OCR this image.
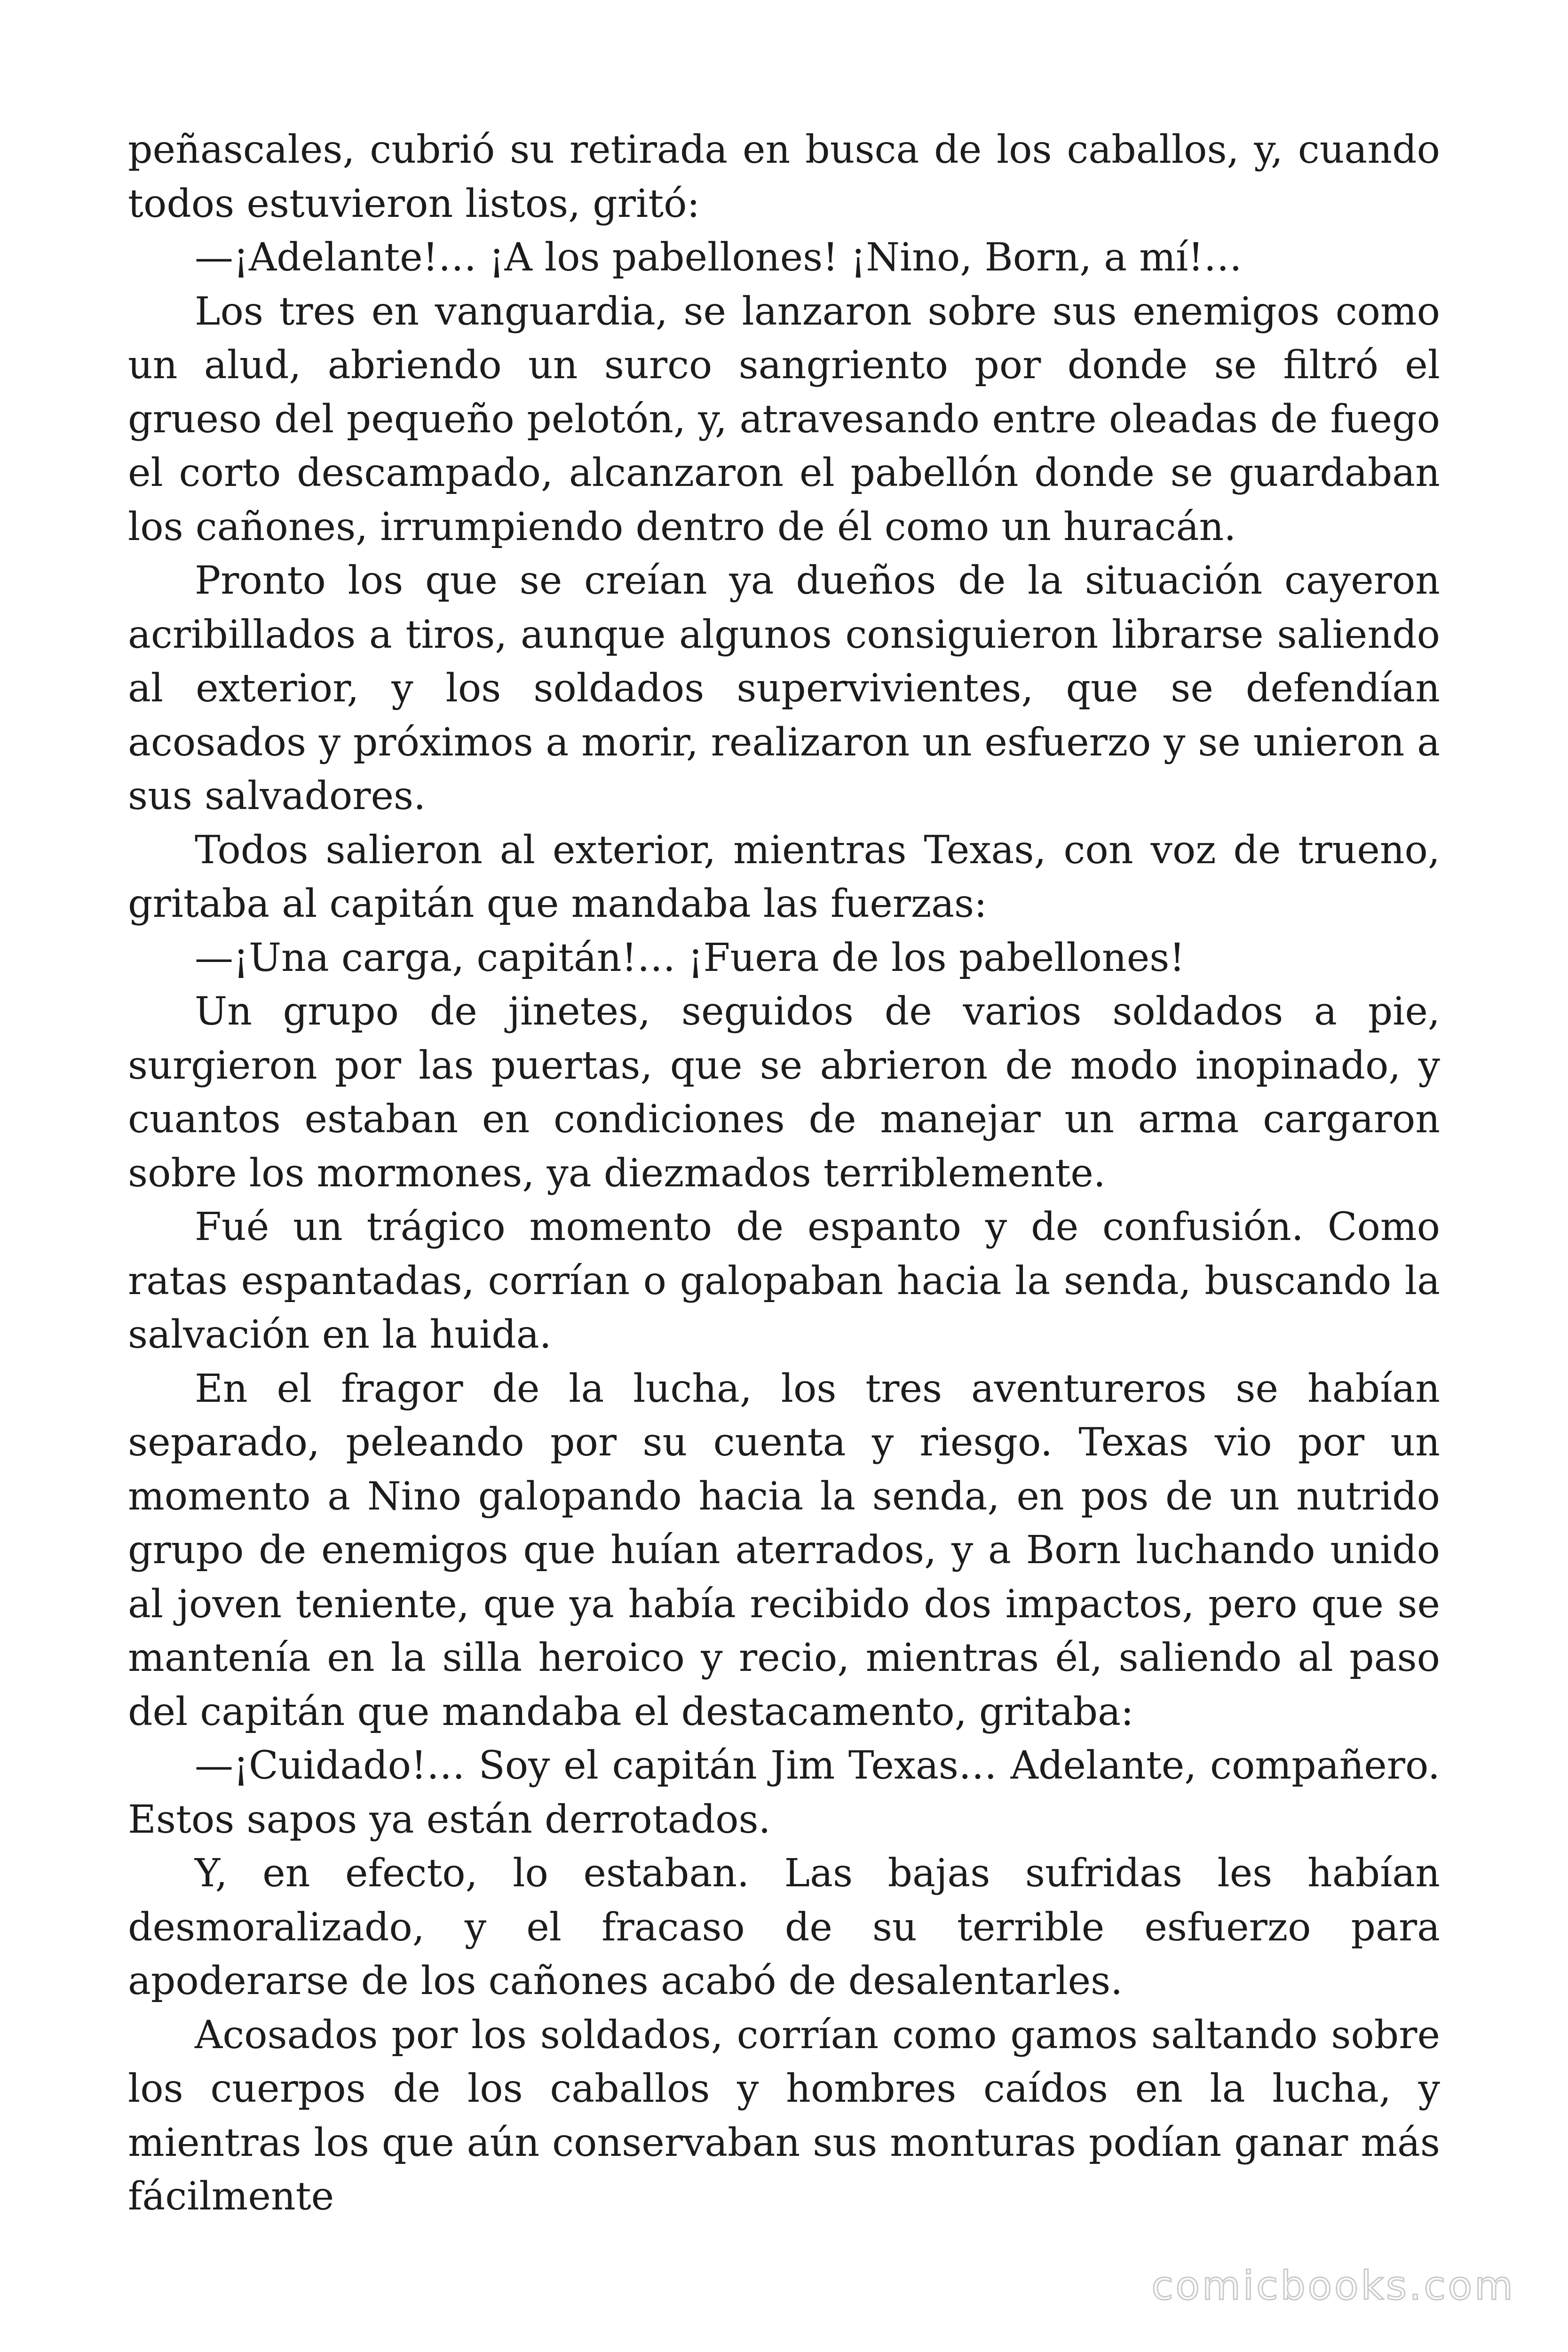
peñascales, cubrió su retirada en busca de los caballos, y, cuando todos estuvieron listos, gritó:

—¡Adelante!… ¡A los pabellones! ¡Nino, Born, a mí!…

Los tres en vanguardia, se lanzaron sobre sus enemigos como un alud, abriendo un surco sangriento por donde se filtró el grueso del pequeño pelotón, y, atravesando entre oleadas de fuego el corto descampado, alcanzaron el pabellón donde se guardaban los cañones, irrumpiendo dentro de él como un huracán.

Pronto los que se creían ya dueños de la situación cayeron acribillados a tiros, aunque algunos consiguieron librarse saliendo al exterior, y los soldados supervivientes, que se defendían acosados y próximos a morir, realizaron un esfuerzo y se unieron a sus salvadores.

Todos salieron al exterior, mientras Texas, con voz de trueno, gritaba al capitán que mandaba las fuerzas:

—¡Una carga, capitán!… ¡Fuera de los pabellones!

Un grupo de jinetes, seguidos de varios soldados a pie, surgieron por las puertas, que se abrieron de modo inopinado, y cuantos estaban en condiciones de manejar un arma cargaron sobre los mormones, ya diezmados terriblemente.

Fué un trágico momento de espanto y de confusión. Como ratas espantadas, corrían o galopaban hacia la senda, buscando la salvación en la huida.

En el fragor de la lucha, los tres aventureros se habían separado, peleando por su cuenta y riesgo. Texas vio por un momento a Nino galopando hacia la senda, en pos de un nutrido grupo de enemigos que huían aterrados, y a Born luchando unido al joven teniente, que ya había recibido dos impactos, pero que se mantenía en la silla heroico y recio, mientras él, saliendo al paso del capitán que mandaba el destacamento, gritaba:

—¡Cuidado!… Soy el capitán Jim Texas… Adelante, compañero. Estos sapos ya están derrotados.

Y, en efecto, lo estaban. Las bajas sufridas les habían desmoralizado, y el fracaso de su terrible esfuerzo para apoderarse de los cañones acabó de desalentarles.

Acosados por los soldados, corrían como gamos saltando sobre los cuerpos de los caballos y hombres caídos en la lucha, y mientras los que aún conservaban sus monturas podían ganar más fácilmente

comicbooks.com
